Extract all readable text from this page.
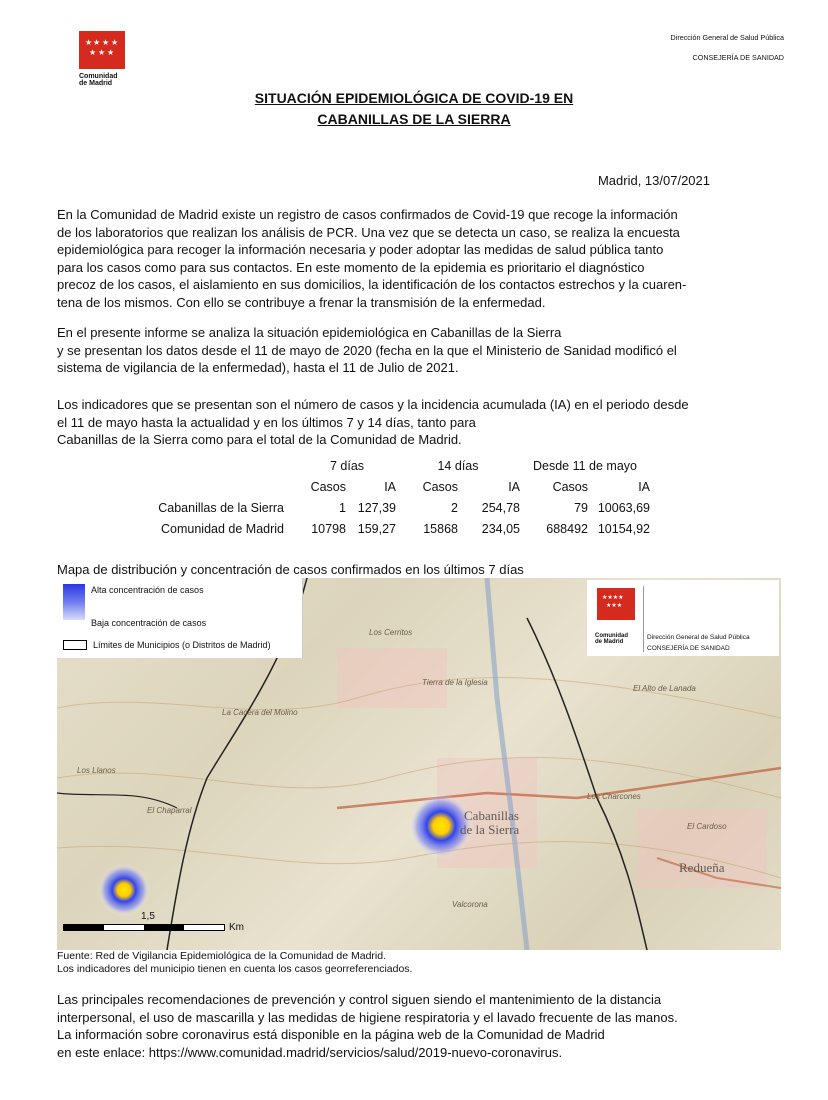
★ ★ ★ ★
★ ★ ★
Comunidad
de Madrid
Dirección General de Salud Pública
CONSEJERÍA DE SANIDAD
SITUACIÓN EPIDEMIOLÓGICA DE COVID-19 EN
CABANILLAS DE LA SIERRA
Madrid, 13/07/2021
En la Comunidad de Madrid existe un registro de casos confirmados de Covid-19 que recoge la información
de los laboratorios que realizan los análisis de PCR. Una vez que se detecta un caso, se realiza la encuesta
epidemiológica para recoger la información necesaria y poder adoptar las medidas de salud pública tanto
para los casos como para sus contactos. En este momento de la epidemia es prioritario el diagnóstico
precoz de los casos, el aislamiento en sus domicilios, la identificación de los contactos estrechos y la cuaren-
tena de los mismos. Con ello se contribuye a frenar la transmisión de la enfermedad.
En el presente informe se analiza la situación epidemiológica en Cabanillas de la Sierra
y se presentan los datos desde el 11 de mayo de 2020 (fecha en la que el Ministerio de Sanidad modificó el
sistema de vigilancia de la enfermedad), hasta el 11 de Julio de 2021.
Los indicadores que se presentan son el número de casos y la incidencia acumulada (IA) en el periodo desde
el 11 de mayo hasta la actualidad y en los últimos 7 y 14 días, tanto para
Cabanillas de la Sierra como para el total de la Comunidad de Madrid.
	7 días		14 días		Desde 11 de mayo	
	Casos	IA	Casos	IA	Casos	IA
Cabanillas de la Sierra	1	127,39	2	254,78	79	10063,69
Comunidad de Madrid	10798	159,27	15868	234,05	688492	10154,92
Mapa de distribución y concentración de casos confirmados en los últimos 7 días
La Cacera del Molino
Los Llanos
El Chaparral
Los Cerritos
Tierra de la Iglesia
Los Charcones
El Cardoso
El Alto de Lanada
Valcorona
Cabanillas
de la Sierra
Redueña
Alta concentración de casos
Baja concentración de casos
Límites de Municipios (o Distritos de Madrid)
★★★★
★★★
Comunidad
de Madrid
Dirección General de Salud Pública
CONSEJERÍA DE SANIDAD
1,5
Km
Fuente: Red de Vigilancia Epidemiológica de la Comunidad de Madrid.
Los indicadores del municipio tienen en cuenta los casos georreferenciados.
Las principales recomendaciones de prevención y control siguen siendo el mantenimiento de la distancia
interpersonal, el uso de mascarilla y las medidas de higiene respiratoria y el lavado frecuente de las manos.
La información sobre coronavirus está disponible en la página web de la Comunidad de Madrid
en este enlace: https://www.comunidad.madrid/servicios/salud/2019-nuevo-coronavirus.
